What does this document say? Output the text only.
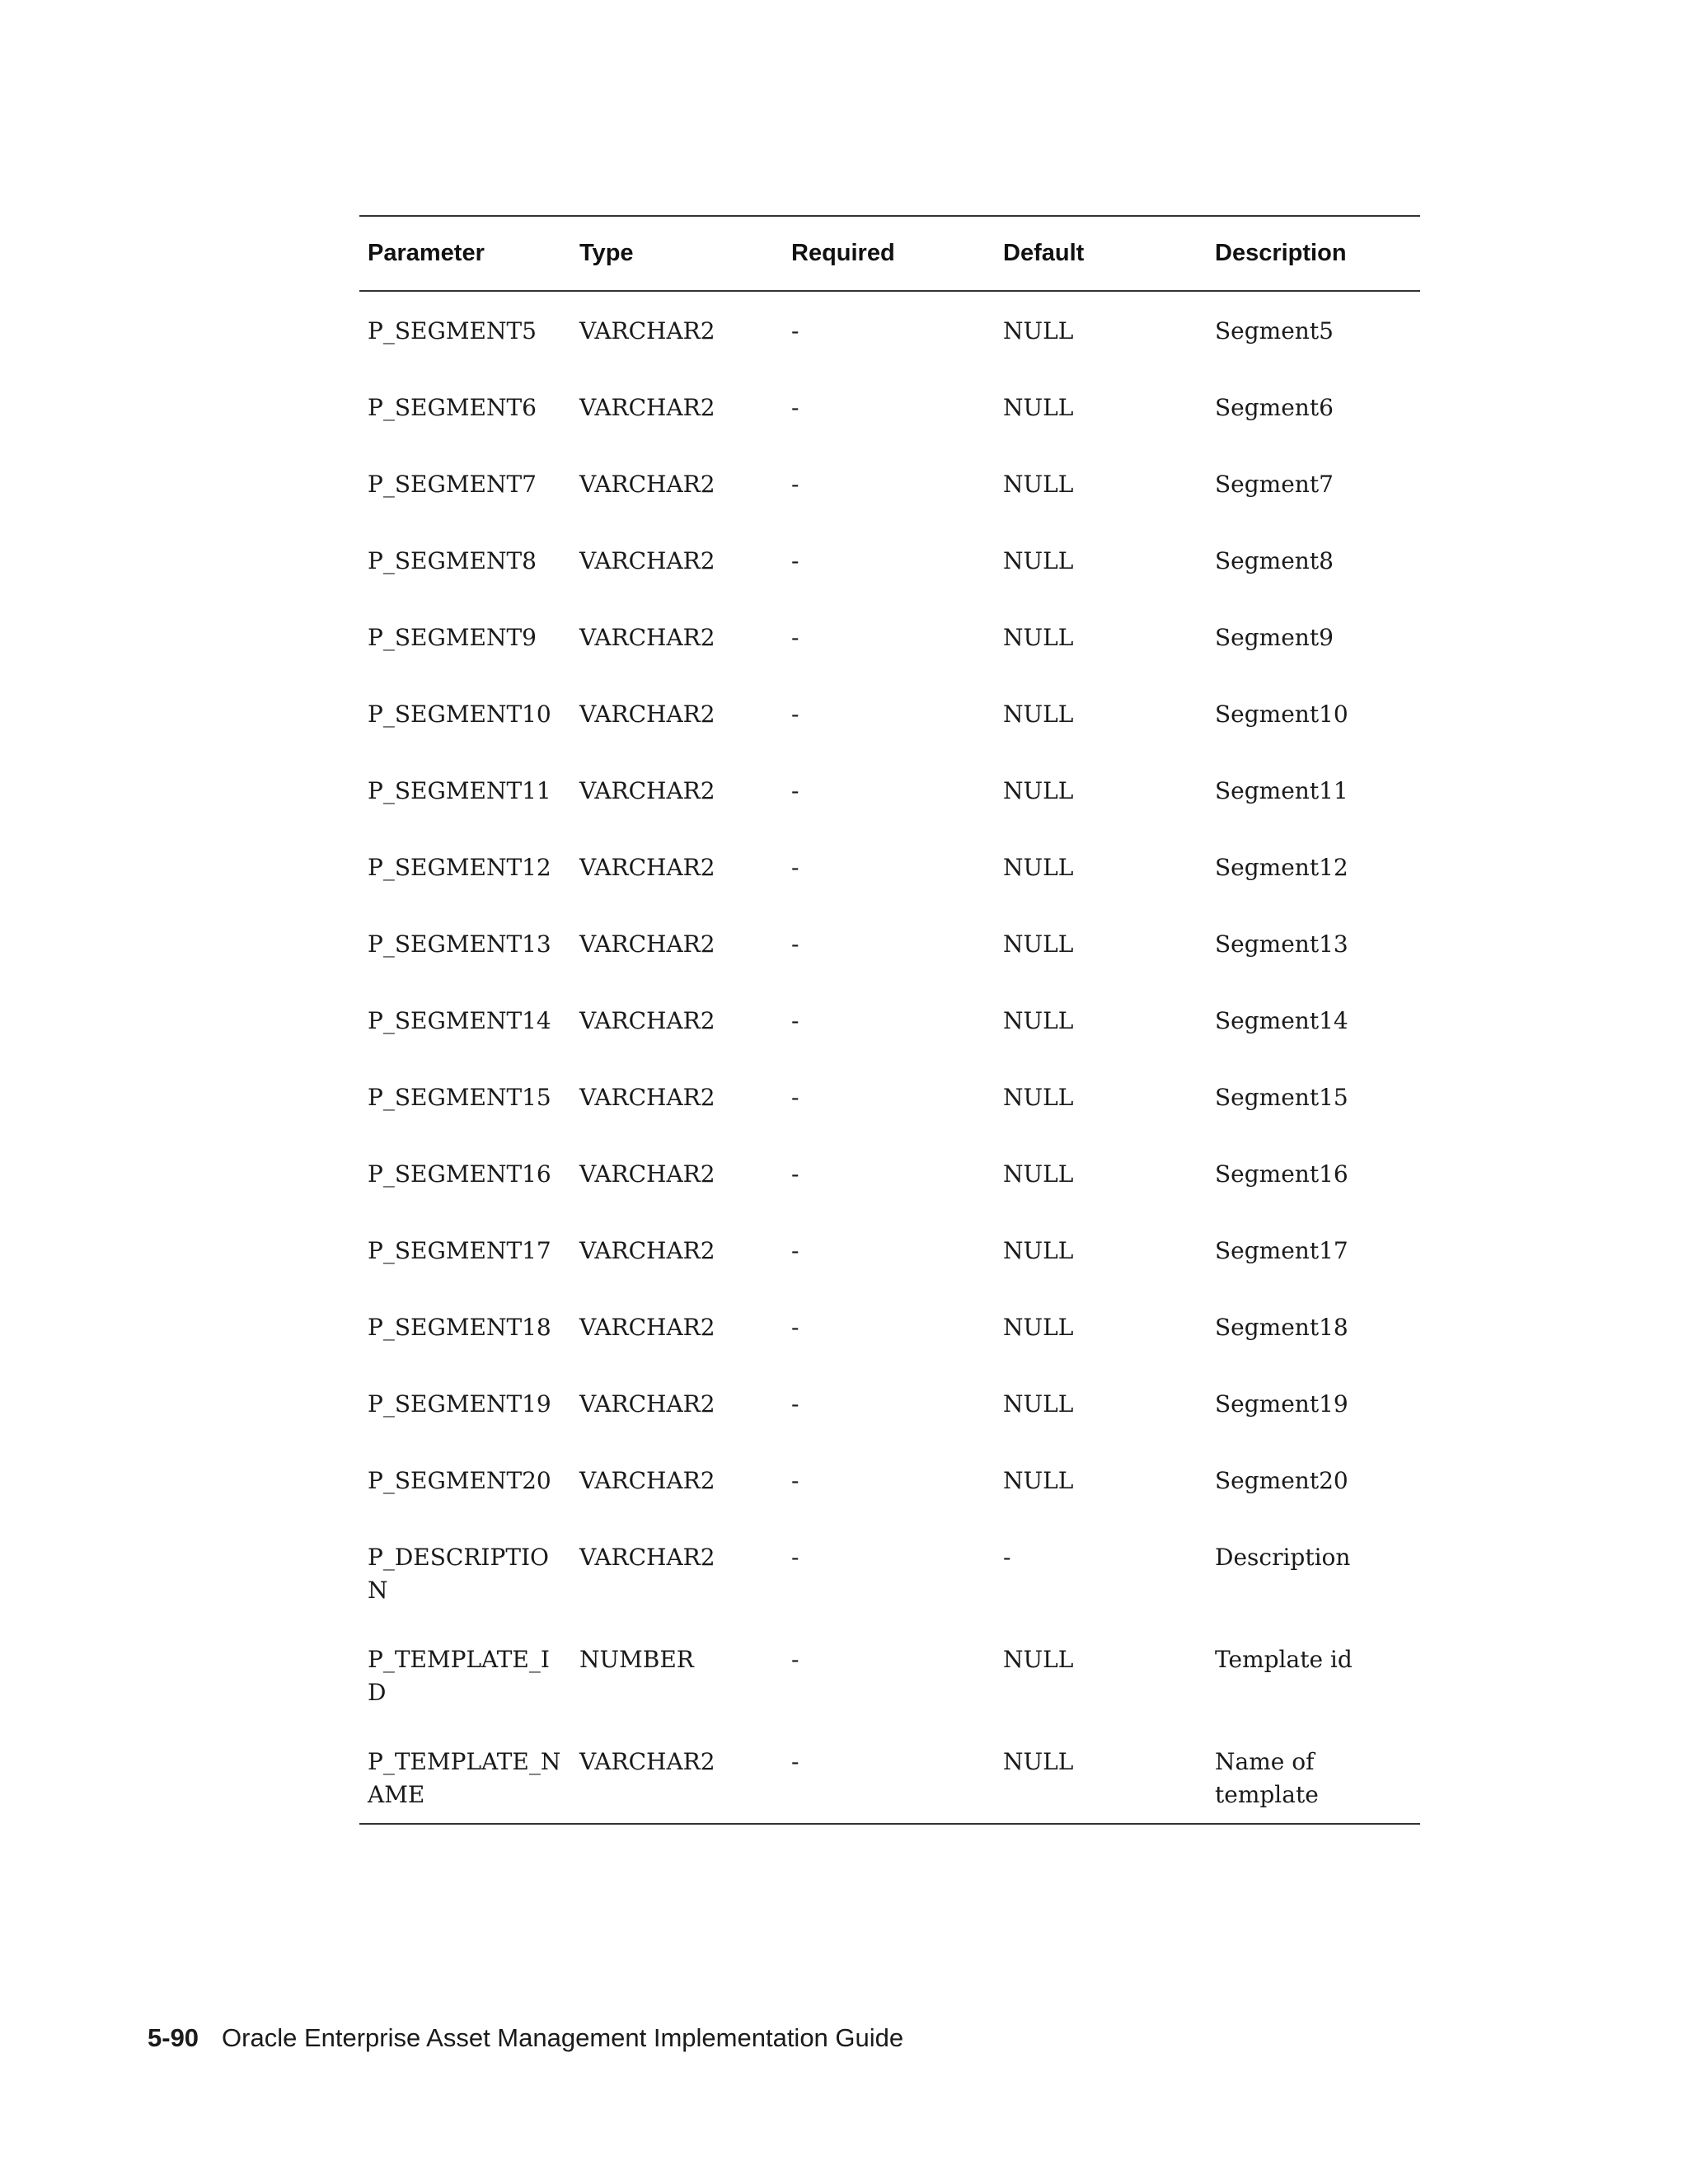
Parameter	Type	Required	Default	Description
P_SEGMENT5	VARCHAR2	-	NULL	Segment5
P_SEGMENT6	VARCHAR2	-	NULL	Segment6
P_SEGMENT7	VARCHAR2	-	NULL	Segment7
P_SEGMENT8	VARCHAR2	-	NULL	Segment8
P_SEGMENT9	VARCHAR2	-	NULL	Segment9
P_SEGMENT10	VARCHAR2	-	NULL	Segment10
P_SEGMENT11	VARCHAR2	-	NULL	Segment11
P_SEGMENT12	VARCHAR2	-	NULL	Segment12
P_SEGMENT13	VARCHAR2	-	NULL	Segment13
P_SEGMENT14	VARCHAR2	-	NULL	Segment14
P_SEGMENT15	VARCHAR2	-	NULL	Segment15
P_SEGMENT16	VARCHAR2	-	NULL	Segment16
P_SEGMENT17	VARCHAR2	-	NULL	Segment17
P_SEGMENT18	VARCHAR2	-	NULL	Segment18
P_SEGMENT19	VARCHAR2	-	NULL	Segment19
P_SEGMENT20	VARCHAR2	-	NULL	Segment20
P_DESCRIPTION	VARCHAR2	-	-	Description
P_TEMPLATE_ID	NUMBER	-	NULL	Template id
P_TEMPLATE_NAME	VARCHAR2	-	NULL	Name of template
5-90 Oracle Enterprise Asset Management Implementation Guide
